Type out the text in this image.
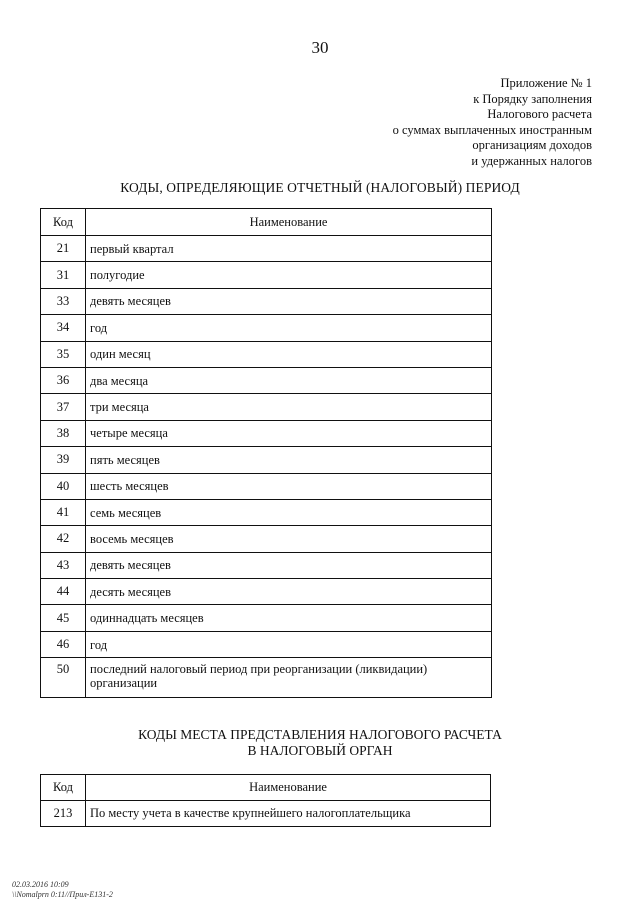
30
Приложение № 1
к Порядку заполнения
Налогового расчета
о суммах выплаченных иностранным
организациям доходов
и удержанных налогов
КОДЫ, ОПРЕДЕЛЯЮЩИЕ ОТЧЕТНЫЙ (НАЛОГОВЫЙ) ПЕРИОД
Код	Наименование
21	первый квартал
31	полугодие
33	девять месяцев
34	год
35	один месяц
36	два месяца
37	три месяца
38	четыре месяца
39	пять месяцев
40	шесть месяцев
41	семь месяцев
42	восемь месяцев
43	девять месяцев
44	десять месяцев
45	одиннадцать месяцев
46	год
50	последний налоговый период при реорганизации (ликвидации) организации
КОДЫ МЕСТА ПРЕДСТАВЛЕНИЯ НАЛОГОВОГО РАСЧЕТА
В НАЛОГОВЫЙ ОРГАН
Код	Наименование
213	По месту учета в качестве крупнейшего налогоплательщика
02.03.2016 10:09
\\Nomalprn 0:11//Прил-Е131-2
